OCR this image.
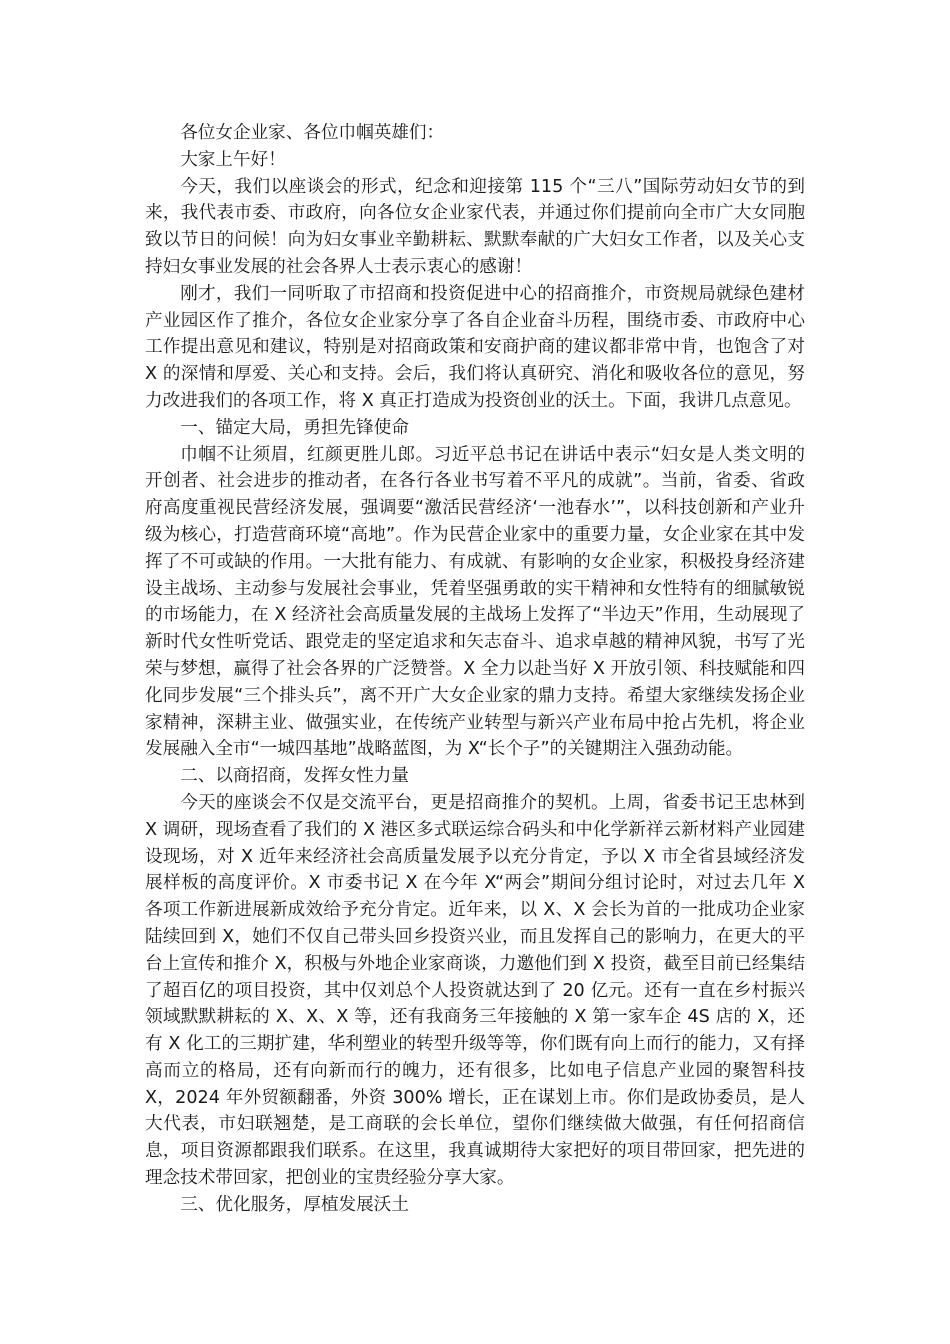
各位女企业家、各位巾帼英雄们：

大家上午好！

今天，我们以座谈会的形式，纪念和迎接第 115 个“三八”国际劳动妇女节的到来，我代表市委、市政府，向各位女企业家代表，并通过你们提前向全市广大女同胞致以节日的问候！向为妇女事业辛勤耕耘、默默奉献的广大妇女工作者，以及关心支持妇女事业发展的社会各界人士表示衷心的感谢！

刚才，我们一同听取了市招商和投资促进中心的招商推介，市资规局就绿色建材产业园区作了推介，各位女企业家分享了各自企业奋斗历程，围绕市委、市政府中心工作提出意见和建议，特别是对招商政策和安商护商的建议都非常中肯，也饱含了对 X 的深情和厚爱、关心和支持。会后，我们将认真研究、消化和吸收各位的意见，努力改进我们的各项工作，将 X 真正打造成为投资创业的沃土。下面，我讲几点意见。

一、锚定大局，勇担先锋使命

巾帼不让须眉，红颜更胜儿郎。习近平总书记在讲话中表示“妇女是人类文明的开创者、社会进步的推动者，在各行各业书写着不平凡的成就”。当前，省委、省政府高度重视民营经济发展，强调要“激活民营经济‘一池春水’”，以科技创新和产业升级为核心，打造营商环境“高地”。作为民营企业家中的重要力量，女企业家在其中发挥了不可或缺的作用。一大批有能力、有成就、有影响的女企业家，积极投身经济建设主战场、主动参与发展社会事业，凭着坚强勇敢的实干精神和女性特有的细腻敏锐的市场能力，在 X 经济社会高质量发展的主战场上发挥了“半边天”作用，生动展现了新时代女性听党话、跟党走的坚定追求和矢志奋斗、追求卓越的精神风貌，书写了光荣与梦想，赢得了社会各界的广泛赞誉。X 全力以赴当好 X 开放引领、科技赋能和四化同步发展“三个排头兵”，离不开广大女企业家的鼎力支持。希望大家继续发扬企业家精神，深耕主业、做强实业，在传统产业转型与新兴产业布局中抢占先机，将企业发展融入全市“一城四基地”战略蓝图，为 X“长个子”的关键期注入强劲动能。

二、以商招商，发挥女性力量

今天的座谈会不仅是交流平台，更是招商推介的契机。上周，省委书记王忠林到 X 调研，现场查看了我们的 X 港区多式联运综合码头和中化学新祥云新材料产业园建设现场，对 X 近年来经济社会高质量发展予以充分肯定，予以 X 市全省县域经济发展样板的高度评价。X 市委书记 X 在今年 X“两会”期间分组讨论时，对过去几年 X 各项工作新进展新成效给予充分肯定。近年来，以 X、X 会长为首的一批成功企业家陆续回到 X，她们不仅自己带头回乡投资兴业，而且发挥自己的影响力，在更大的平台上宣传和推介 X，积极与外地企业家商谈，力邀他们到 X 投资，截至目前已经集结了超百亿的项目投资，其中仅刘总个人投资就达到了 20 亿元。还有一直在乡村振兴领域默默耕耘的 X、X、X 等，还有我商务三年接触的 X 第一家车企 4S 店的 X，还有 X 化工的三期扩建，华利塑业的转型升级等等，你们既有向上而行的能力，又有择高而立的格局，还有向新而行的魄力，还有很多，比如电子信息产业园的聚智科技 X，2024 年外贸额翻番，外资 300% 增长，正在谋划上市。你们是政协委员，是人大代表，市妇联翘楚，是工商联的会长单位，望你们继续做大做强，有任何招商信息，项目资源都跟我们联系。在这里，我真诚期待大家把好的项目带回家，把先进的理念技术带回家，把创业的宝贵经验分享大家。

三、优化服务，厚植发展沃土
